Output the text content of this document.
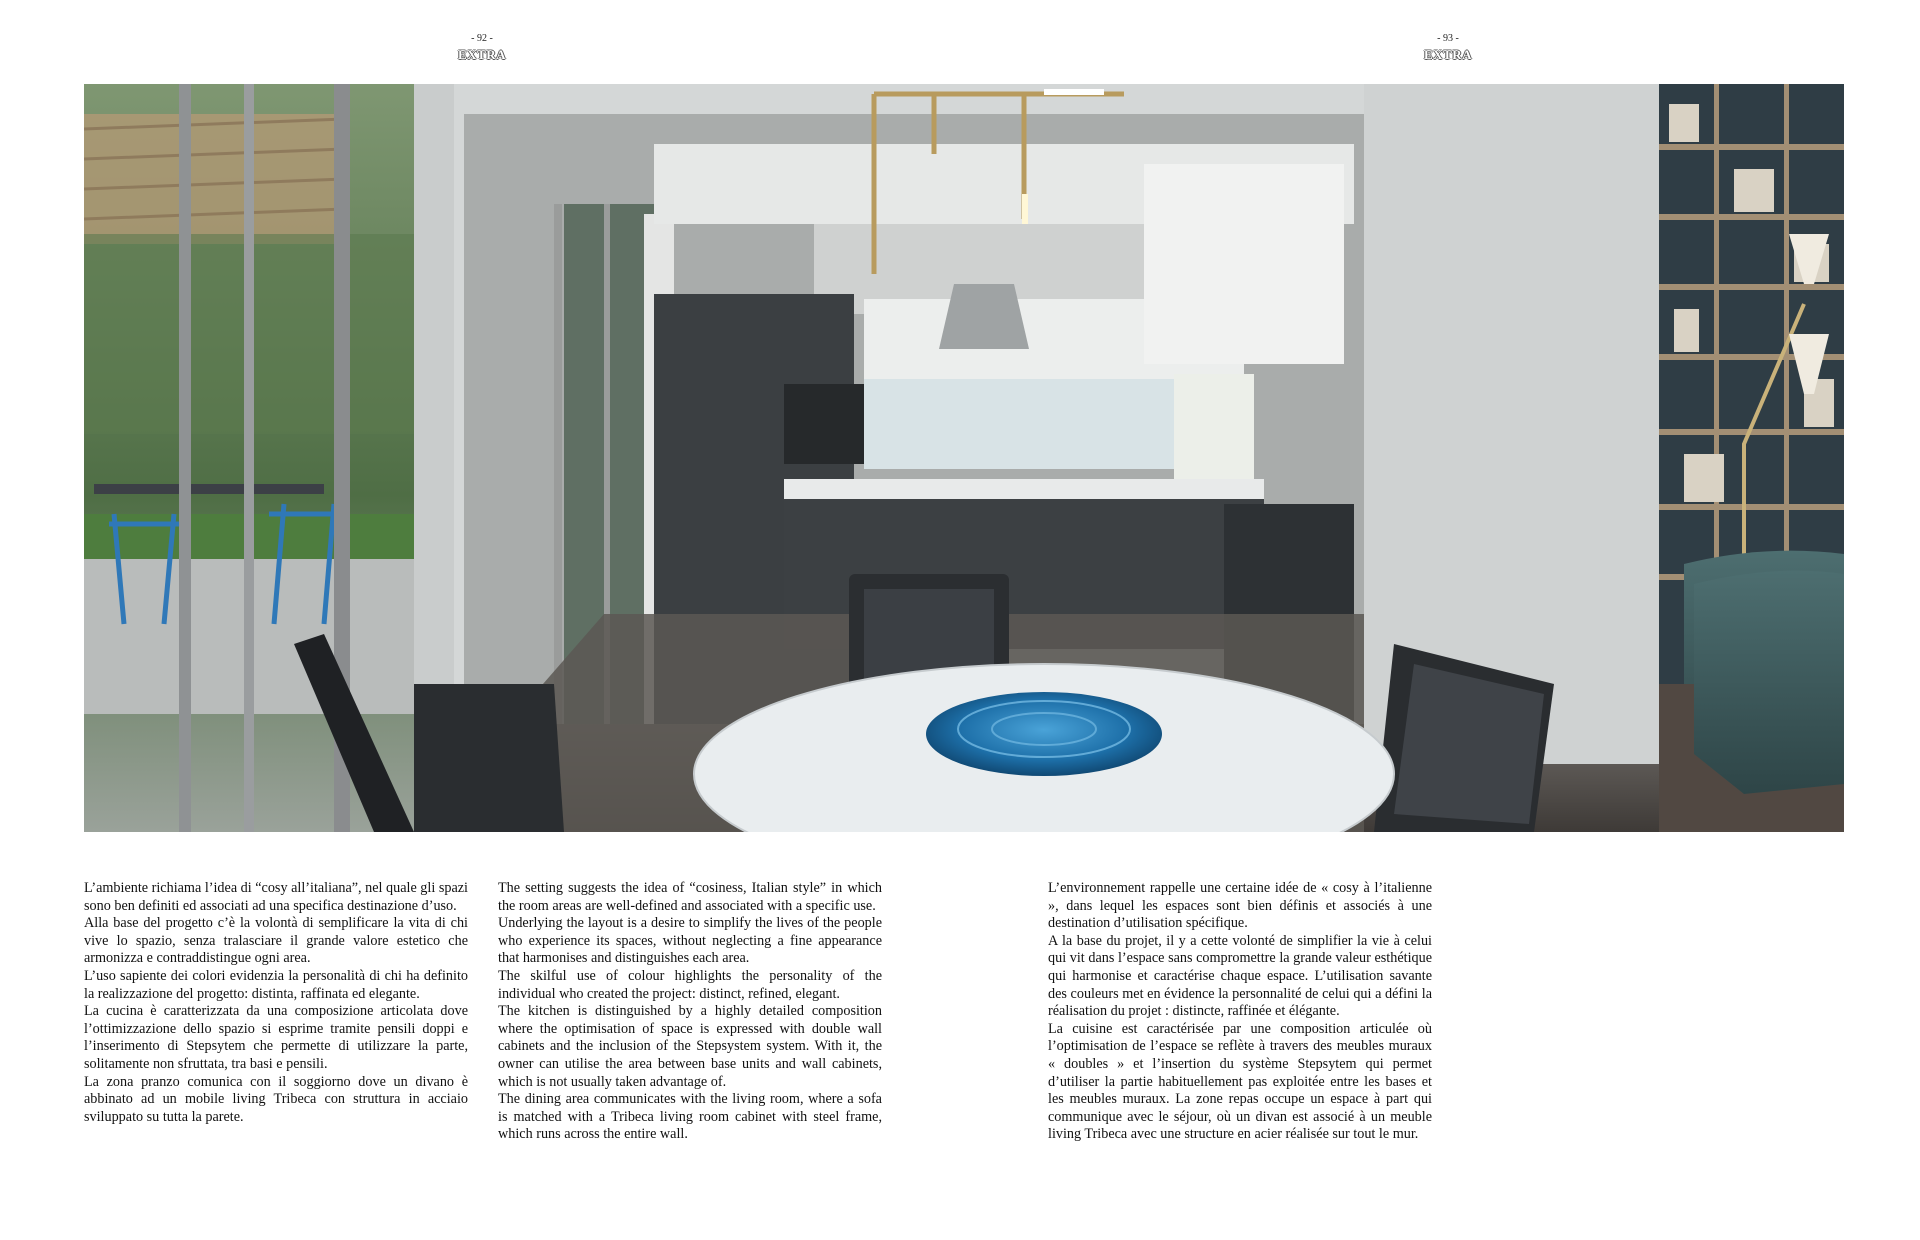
- 92 -
EXTRA
- 93 -
EXTRA

L’ambiente richiama l’idea di “cosy all’italiana”, nel quale gli spazi sono ben definiti ed associati ad una specifica destinazione d’uso.

Alla base del progetto c’è la volontà di semplificare la vita di chi vive lo spazio, senza tralasciare il grande valore estetico che armonizza e contraddistingue ogni area.

L’uso sapiente dei colori evidenzia la personalità di chi ha definito la realizzazione del progetto: distinta, raffinata ed elegante.

La cucina è caratterizzata da una composizione articolata dove l’ottimizzazione dello spazio si esprime tramite pensili doppi e l’inserimento di Stepsytem che permette di utilizzare la parte, solitamente non sfruttata, tra basi e pensili.

La zona pranzo comunica con il soggiorno dove un divano è abbinato ad un mobile living Tribeca con struttura in acciaio sviluppato su tutta la parete.

The setting suggests the idea of “cosiness, Italian style” in which the room areas are well-defined and associated with a specific use.

Underlying the layout is a desire to simplify the lives of the people who experience its spaces, without neglecting a fine appearance that harmonises and distinguishes each area.

The skilful use of colour highlights the personality of the individual who created the project: distinct, refined, elegant.

The kitchen is distinguished by a highly detailed composition where the optimisation of space is expressed with double wall cabinets and the inclusion of the Stepsystem system. With it, the owner can utilise the area between base units and wall cabinets, which is not usually taken advantage of.

The dining area communicates with the living room, where a sofa is matched with a Tribeca living room cabinet with steel frame, which runs across the entire wall.

L’environnement rappelle une certaine idée de « cosy à l’italienne », dans lequel les espaces sont bien définis et associés à une destination d’utilisation spécifique.

A la base du projet, il y a cette volonté de simplifier la vie à celui qui vit dans l’espace sans compromettre la grande valeur esthétique qui harmonise et caractérise chaque espace. L’utilisation savante des couleurs met en évidence la personnalité de celui qui a défini la réalisation du projet : distincte, raffinée et élégante.

La cuisine est caractérisée par une composition articulée où l’optimisation de l’espace se reflète à travers des meubles muraux « doubles » et l’insertion du système Stepsytem qui permet d’utiliser la partie habituellement pas exploitée entre les bases et les meubles muraux. La zone repas occupe un espace à part qui communique avec le séjour, où un divan est associé à un meuble living Tribeca avec une structure en acier réalisée sur tout le mur.
